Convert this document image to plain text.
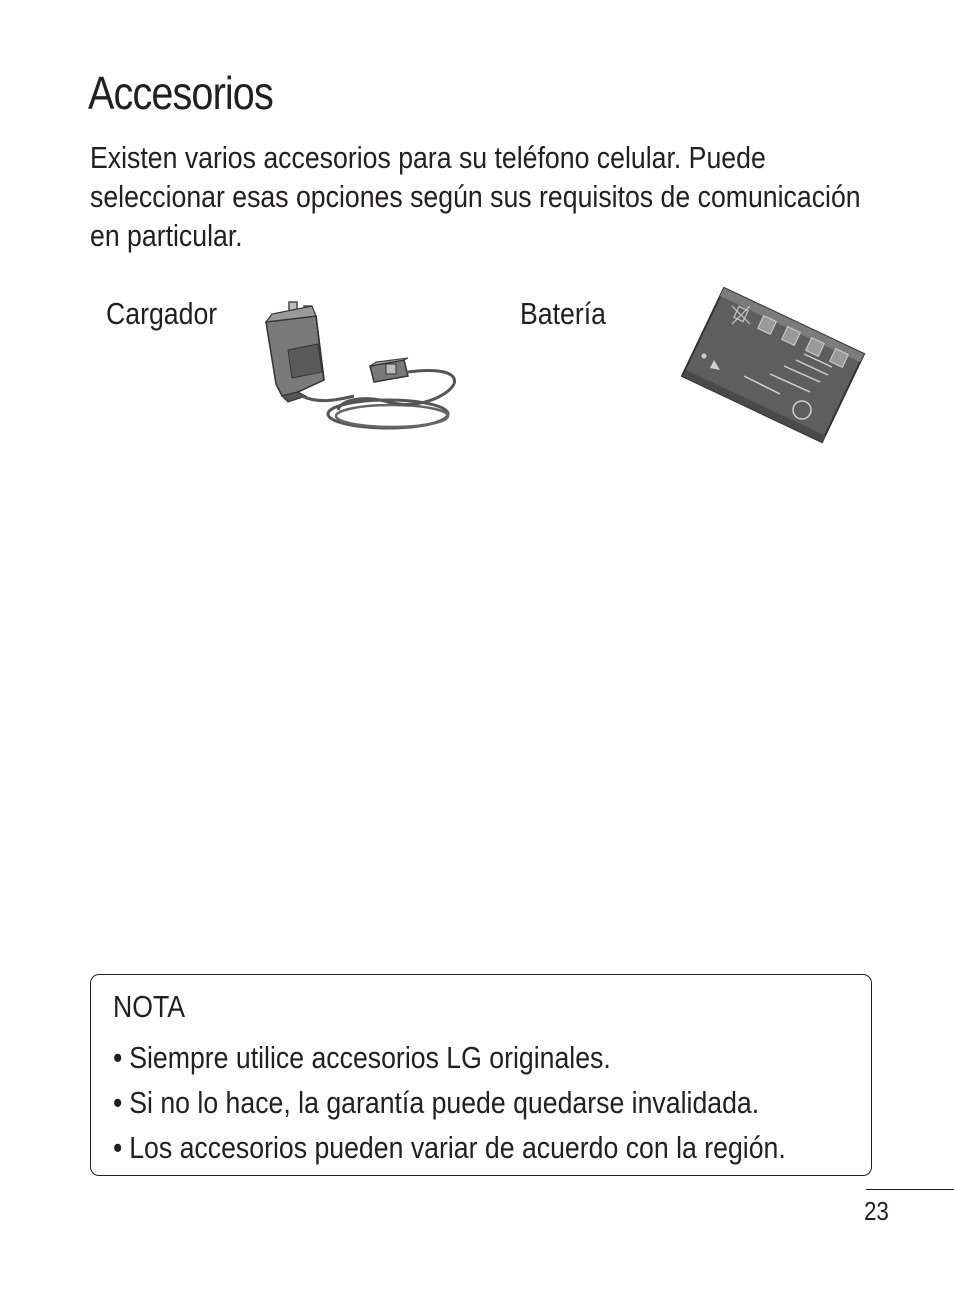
Accesorios

Existen varios accesorios para su teléfono celular. Puede seleccionar esas opciones según sus requisitos de comunicación en particular.

Cargador	Batería
NOTA
• Siempre utilice accesorios LG originales.
• Si no lo hace, la garantía puede quedarse invalidada.
• Los accesorios pueden variar de acuerdo con la región.
23
